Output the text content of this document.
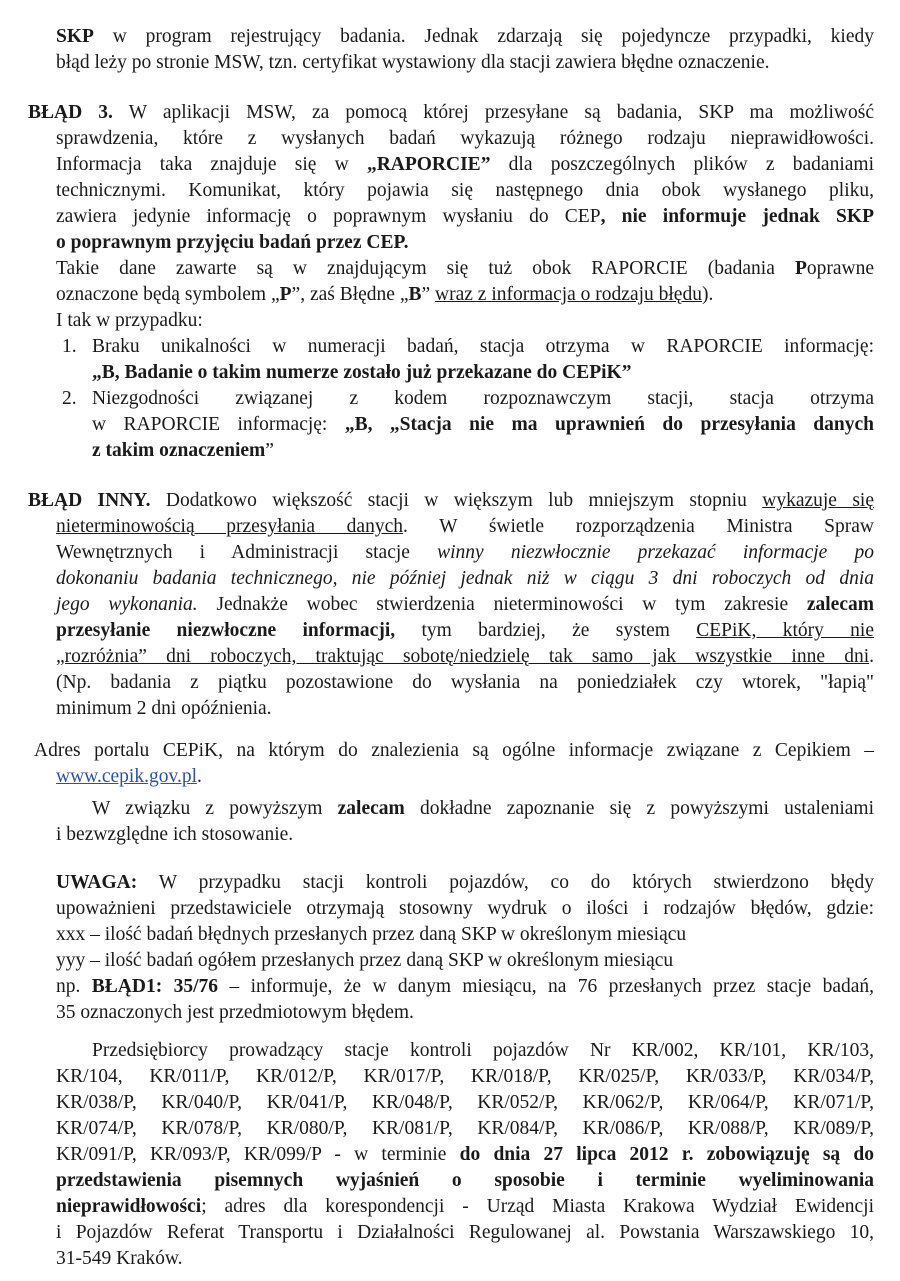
SKP w program rejestrujący badania. Jednak zdarzają się pojedyncze przypadki, kiedy
błąd leży po stronie MSW, tzn. certyfikat wystawiony dla stacji zawiera błędne oznaczenie.
BŁĄD 3. W aplikacji MSW, za pomocą której przesyłane są badania, SKP ma możliwość
sprawdzenia, które z wysłanych badań wykazują różnego rodzaju nieprawidłowości.
Informacja taka znajduje się w „RAPORCIE” dla poszczególnych plików z badaniami
technicznymi. Komunikat, który pojawia się następnego dnia obok wysłanego pliku,
zawiera jedynie informację o poprawnym wysłaniu do CEP, nie informuje jednak SKP
o poprawnym przyjęciu badań przez CEP.
Takie dane zawarte są w znajdującym się tuż obok RAPORCIE (badania Poprawne
oznaczone będą symbolem „P”, zaś Błędne „B” wraz z informacja o rodzaju błędu).
I tak w przypadku:
1. Braku unikalności w numeracji badań, stacja otrzyma w RAPORCIE informację:
„B, Badanie o takim numerze zostało już przekazane do CEPiK”
2. Niezgodności związanej z kodem rozpoznawczym stacji, stacja otrzyma
w RAPORCIE informację: „B, „Stacja nie ma uprawnień do przesyłania danych
z takim oznaczeniem”
BŁĄD INNY. Dodatkowo większość stacji w większym lub mniejszym stopniu wykazuje się
nieterminowością przesyłania danych. W świetle rozporządzenia Ministra Spraw
Wewnętrznych i Administracji stacje winny niezwłocznie przekazać informacje po
dokonaniu badania technicznego, nie później jednak niż w ciągu 3 dni roboczych od dnia
jego wykonania. Jednakże wobec stwierdzenia nieterminowości w tym zakresie zalecam
przesyłanie niezwłoczne informacji, tym bardziej, że system CEPiK, który nie
„rozróżnia” dni roboczych, traktując sobotę/niedzielę tak samo jak wszystkie inne dni.
(Np. badania z piątku pozostawione do wysłania na poniedziałek czy wtorek, "łapią"
minimum 2 dni opóźnienia.
Adres portalu CEPiK, na którym do znalezienia są ogólne informacje związane z Cepikiem –
www.cepik.gov.pl.
W związku z powyższym zalecam dokładne zapoznanie się z powyższymi ustaleniami
i bezwzględne ich stosowanie.
UWAGA: W przypadku stacji kontroli pojazdów, co do których stwierdzono błędy
upoważnieni przedstawiciele otrzymają stosowny wydruk o ilości i rodzajów błędów, gdzie:
xxx – ilość badań błędnych przesłanych przez daną SKP w określonym miesiącu
yyy – ilość badań ogółem przesłanych przez daną SKP w określonym miesiącu
np. BŁĄD1: 35/76 – informuje, że w danym miesiącu, na 76 przesłanych przez stacje badań,
35 oznaczonych jest przedmiotowym błędem.
Przedsiębiorcy prowadzący stacje kontroli pojazdów Nr KR/002, KR/101, KR/103,
KR/104, KR/011/P, KR/012/P, KR/017/P, KR/018/P, KR/025/P, KR/033/P, KR/034/P,
KR/038/P, KR/040/P, KR/041/P, KR/048/P, KR/052/P, KR/062/P, KR/064/P, KR/071/P,
KR/074/P, KR/078/P, KR/080/P, KR/081/P, KR/084/P, KR/086/P, KR/088/P, KR/089/P,
KR/091/P, KR/093/P, KR/099/P - w terminie do dnia 27 lipca 2012 r. zobowiązuję są do
przedstawienia pisemnych wyjaśnień o sposobie i terminie wyeliminowania
nieprawidłowości; adres dla korespondencji - Urząd Miasta Krakowa Wydział Ewidencji
i Pojazdów Referat Transportu i Działalności Regulowanej al. Powstania Warszawskiego 10,
31-549 Kraków.
